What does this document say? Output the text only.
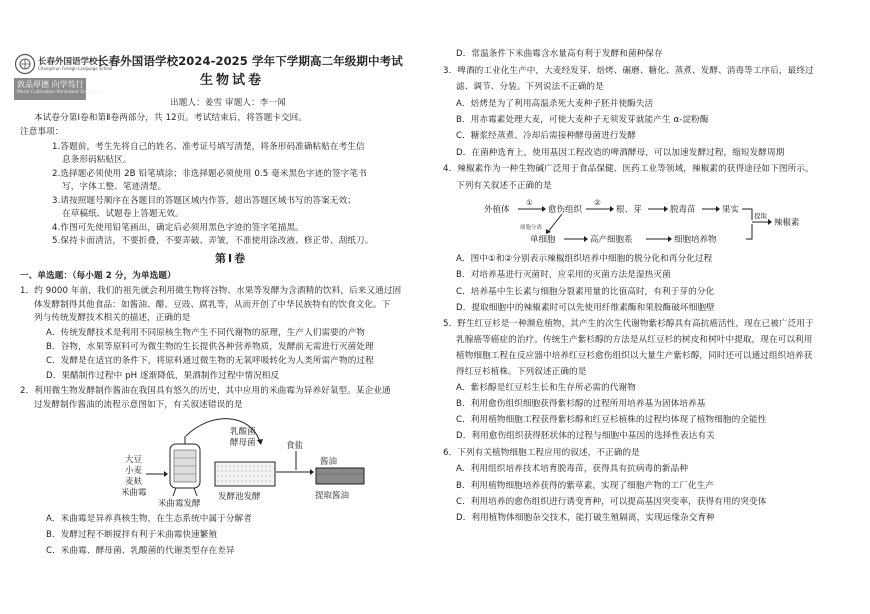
长春外国语学校
Changchun Foreign Language School
敦品厚德 向学笃行
Moral Cultivation Persistent Endeavor
长春外国语学校2024-2025 学年下学期高二年级期中考试
生物试卷
出题人：姜雪 审题人：李一闻
本试卷分第Ⅰ卷和第Ⅱ卷两部分，共 12页。考试结束后，将答题卡交回。
注意事项：
1.答题前，考生先将自己的姓名、准考证号填写清楚，将条形码准确粘贴在考生信
息条形码粘贴区。
2.选择题必须使用 2B 铅笔填涂；非选择题必须使用 0.5 毫米黑色字迹的签字笔书
写，字体工整、笔迹清楚。
3.请按照题号顺序在各题目的答题区域内作答，超出答题区域书写的答案无效；
在草稿纸、试题卷上答题无效。
4.作图可先使用铅笔画出，确定后必须用黑色字迹的签字笔描黑。
5.保持卡面清洁，不要折叠，不要弄破、弄皱，不准使用涂改液、修正带、刮纸刀。
第Ⅰ卷
一、单选题：（每小题 2 分，为单选题）
1．约 9000 年前，我们的祖先就会利用微生物将谷物、水果等发酵为含酒精的饮料，后来又通过固
体发酵制得其他食品：如酱油、醋、豆豉、腐乳等，从而开创了中华民族特有的饮食文化。下
列与传统发酵技术相关的描述，正确的是
A．传统发酵技术是利用不同原核生物产生不同代谢物的原理，生产人们需要的产物
B．谷物，水果等原料可为微生物的生长提供各种营养物质，发酵前无需进行灭菌处理
C．发酵是在适宜的条件下，将原料通过微生物的无氧呼吸转化为人类所需产物的过程
D．果醋制作过程中 pH 逐渐降低，果酒制作过程中情况相反
2．利用微生物发酵制作酱油在我国具有悠久的历史，其中应用的米曲霉为异养好氧型。某企业通
过发酵制作酱油的流程示意图如下，有关叙述错误的是
大豆
小麦
麦麸
米曲霉
米曲霉发酵
乳酸菌
酵母菌
发酵池发酵
食盐
酱油
提取酱油
A．米曲霉是异养真核生物，在生态系统中属于分解者
B．发酵过程不断搅拌有利于米曲霉快速繁殖
C．米曲霉、酵母菌、乳酸菌的代谢类型存在差异
D．常温条件下米曲霉含水量高有利于发酵和菌种保存
3．啤酒的工业化生产中，大麦经发芽、焙烤、碾磨、糖化、蒸煮、发酵、消毒等工序后，最终过
滤、调节、分装。下列说法不正确的是
A．焙烤是为了利用高温杀死大麦种子胚并使酶失活
B．用赤霉素处理大麦，可使大麦种子无须发芽就能产生 α-淀粉酶
C．糖浆经蒸煮、冷却后需接种酵母菌进行发酵
D．在菌种选育上，使用基因工程改造的啤酒酵母，可以加速发酵过程，缩短发酵周期
4．辣椒素作为一种生物碱广泛用于食品保健、医药工业等领域，辣椒素的获得途径如下图所示。
下列有关叙述不正确的是
外植体
①
愈伤组织
②
根、芽	脱毒苗	果实
提取
辣椒素
细胞分离
单细胞	高产细胞系	细胞培养物
A．图中①和②分别表示辣椒组织培养中细胞的脱分化和再分化过程
B．对培养基进行灭菌时，应采用的灭菌方法是湿热灭菌
C．培养基中生长素与细胞分裂素用量的比值高时，有利于芽的分化
D．提取细胞中的辣椒素时可以先使用纤维素酶和果胶酶破坏细胞壁
5．野生红豆杉是一种濒危植物，其产生的次生代谢物紫杉醇具有高抗癌活性，现在已被广泛用于
乳腺癌等癌症的治疗。传统生产紫杉醇的方法是从红豆杉的树皮和树叶中提取，现在可以利用
植物细胞工程在反应器中培养红豆杉愈伤组织以大量生产紫杉醇，同时还可以通过组织培养获
得红豆杉植株。下列叙述正确的是
A．紫杉醇是红豆杉生长和生存所必需的代谢物
B．利用愈伤组织细胞获得紫杉醇的过程所用培养基为固体培养基
C．利用植物细胞工程获得紫杉醇和红豆杉植株的过程均体现了植物细胞的全能性
D．利用愈伤组织获得胚状体的过程与细胞中基因的选择性表达有关
6．下列有关植物细胞工程应用的叙述，不正确的是
A．利用组织培养技术培育脱毒苗，获得具有抗病毒的新品种
B．利用植物细胞培养获得的紫草素，实现了细胞产物的工厂化生产
C．利用培养的愈伤组织进行诱变育种，可以提高基因突变率，获得有用的突变体
D．利用植物体细胞杂交技术，能打破生殖隔离，实现远缘杂交育种
